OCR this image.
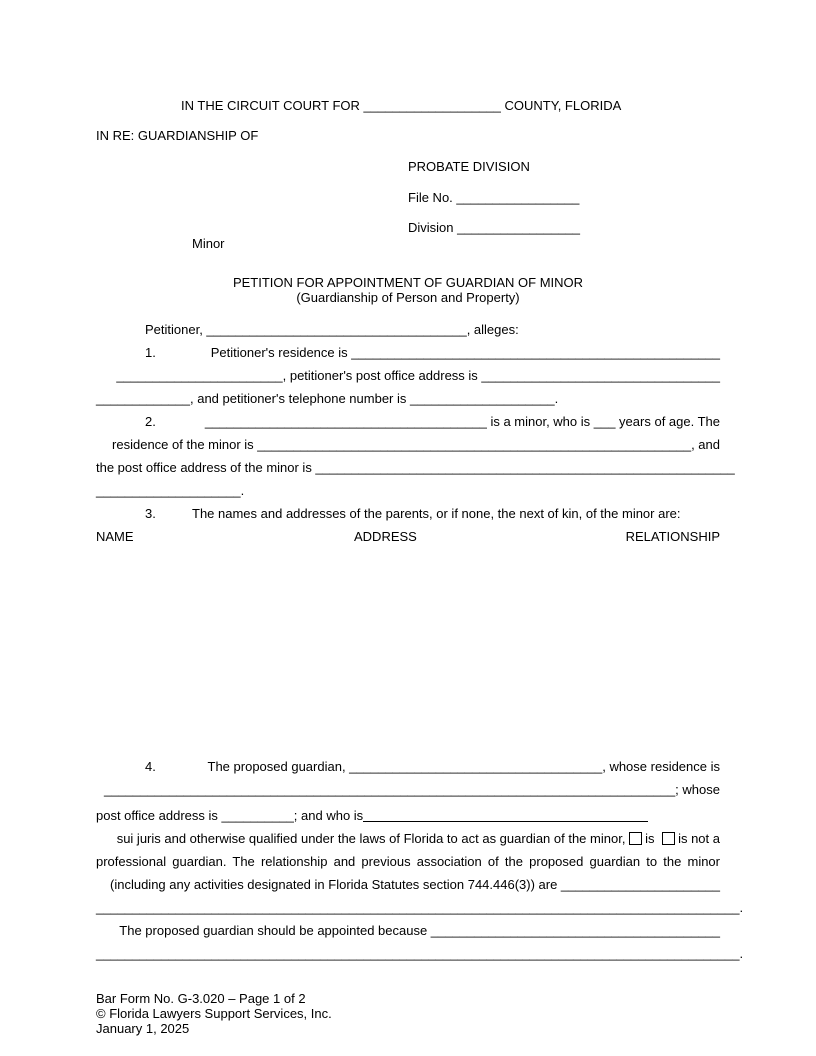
IN THE CIRCUIT COURT FOR ___________________ COUNTY, FLORIDA
IN RE: GUARDIANSHIP OF
PROBATE DIVISION
File No. _________________
Division _________________
Minor
PETITION FOR APPOINTMENT OF GUARDIAN OF MINOR
(Guardianship of Person and Property)
Petitioner, ____________________________________, alleges:
1.	Petitioner's residence is ___________________________________________________
_______________________, petitioner's post office address is _________________________________
_____________, and petitioner's telephone number is ____________________.
2.	_______________________________________ is a minor, who is ___ years of age. The
residence of the minor is ____________________________________________________________, and
the post office address of the minor is __________________________________________________________
____________________.
3.	The names and addresses of the parents, or if none, the next of kin, of the minor are:
NAME	ADDRESS	RELATIONSHIP
4.	The proposed guardian, ___________________________________, whose residence is
_______________________________________________________________________________; whose
post office address is __________; and who is
sui juris and otherwise qualified under the laws of Florida to act as guardian of the minor, is is not a
professional guardian. The relationship and previous association of the proposed guardian to the minor
(including any activities designated in Florida Statutes section 744.446(3)) are ______________________
_________________________________________________________________________________________.
The proposed guardian should be appointed because ________________________________________
_________________________________________________________________________________________.
Bar Form No. G-3.020 – Page 1 of 2
© Florida Lawyers Support Services, Inc.
January 1, 2025
